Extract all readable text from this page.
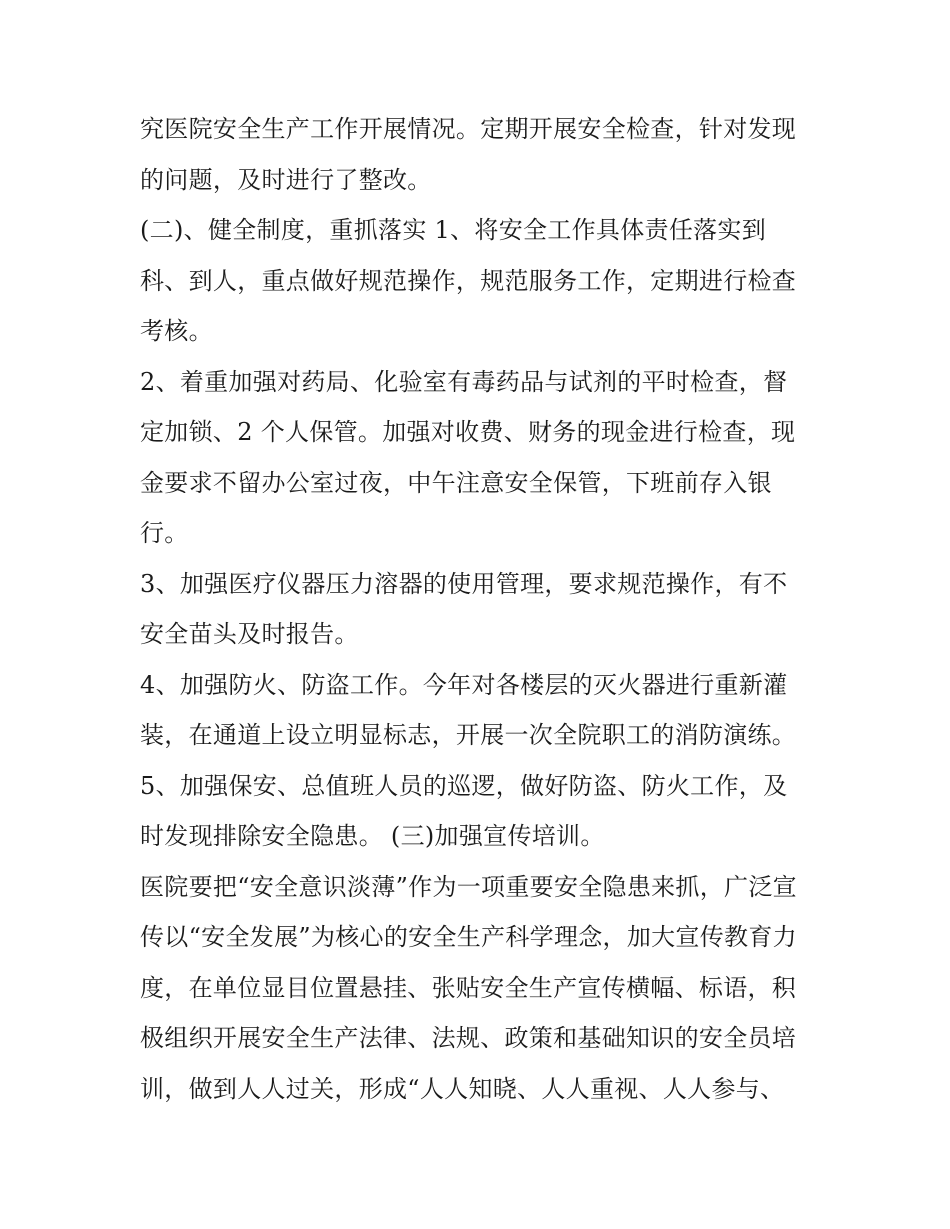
究医院安全生产工作开展情况。定期开展安全检查，针对发现
的问题，及时进行了整改。
(二)、健全制度，重抓落实 1、将安全工作具体责任落实到
科、到人，重点做好规范操作，规范服务工作，定期进行检查
考核。
2、着重加强对药局、化验室有毒药品与试剂的平时检查，督
定加锁、2 个人保管。加强对收费、财务的现金进行检查，现
金要求不留办公室过夜，中午注意安全保管，下班前存入银
行。
3、加强医疗仪器压力溶器的使用管理，要求规范操作，有不
安全苗头及时报告。
4、加强防火、防盗工作。今年对各楼层的灭火器进行重新灌
装，在通道上设立明显标志，开展一次全院职工的消防演练。
5、加强保安、总值班人员的巡逻，做好防盗、防火工作，及
时发现排除安全隐患。 (三)加强宣传培训。
医院要把“安全意识淡薄”作为一项重要安全隐患来抓，广泛宣
传以“安全发展”为核心的安全生产科学理念，加大宣传教育力
度，在单位显目位置悬挂、张贴安全生产宣传横幅、标语，积
极组织开展安全生产法律、法规、政策和基础知识的安全员培
训，做到人人过关，形成“人人知晓、人人重视、人人参与、
